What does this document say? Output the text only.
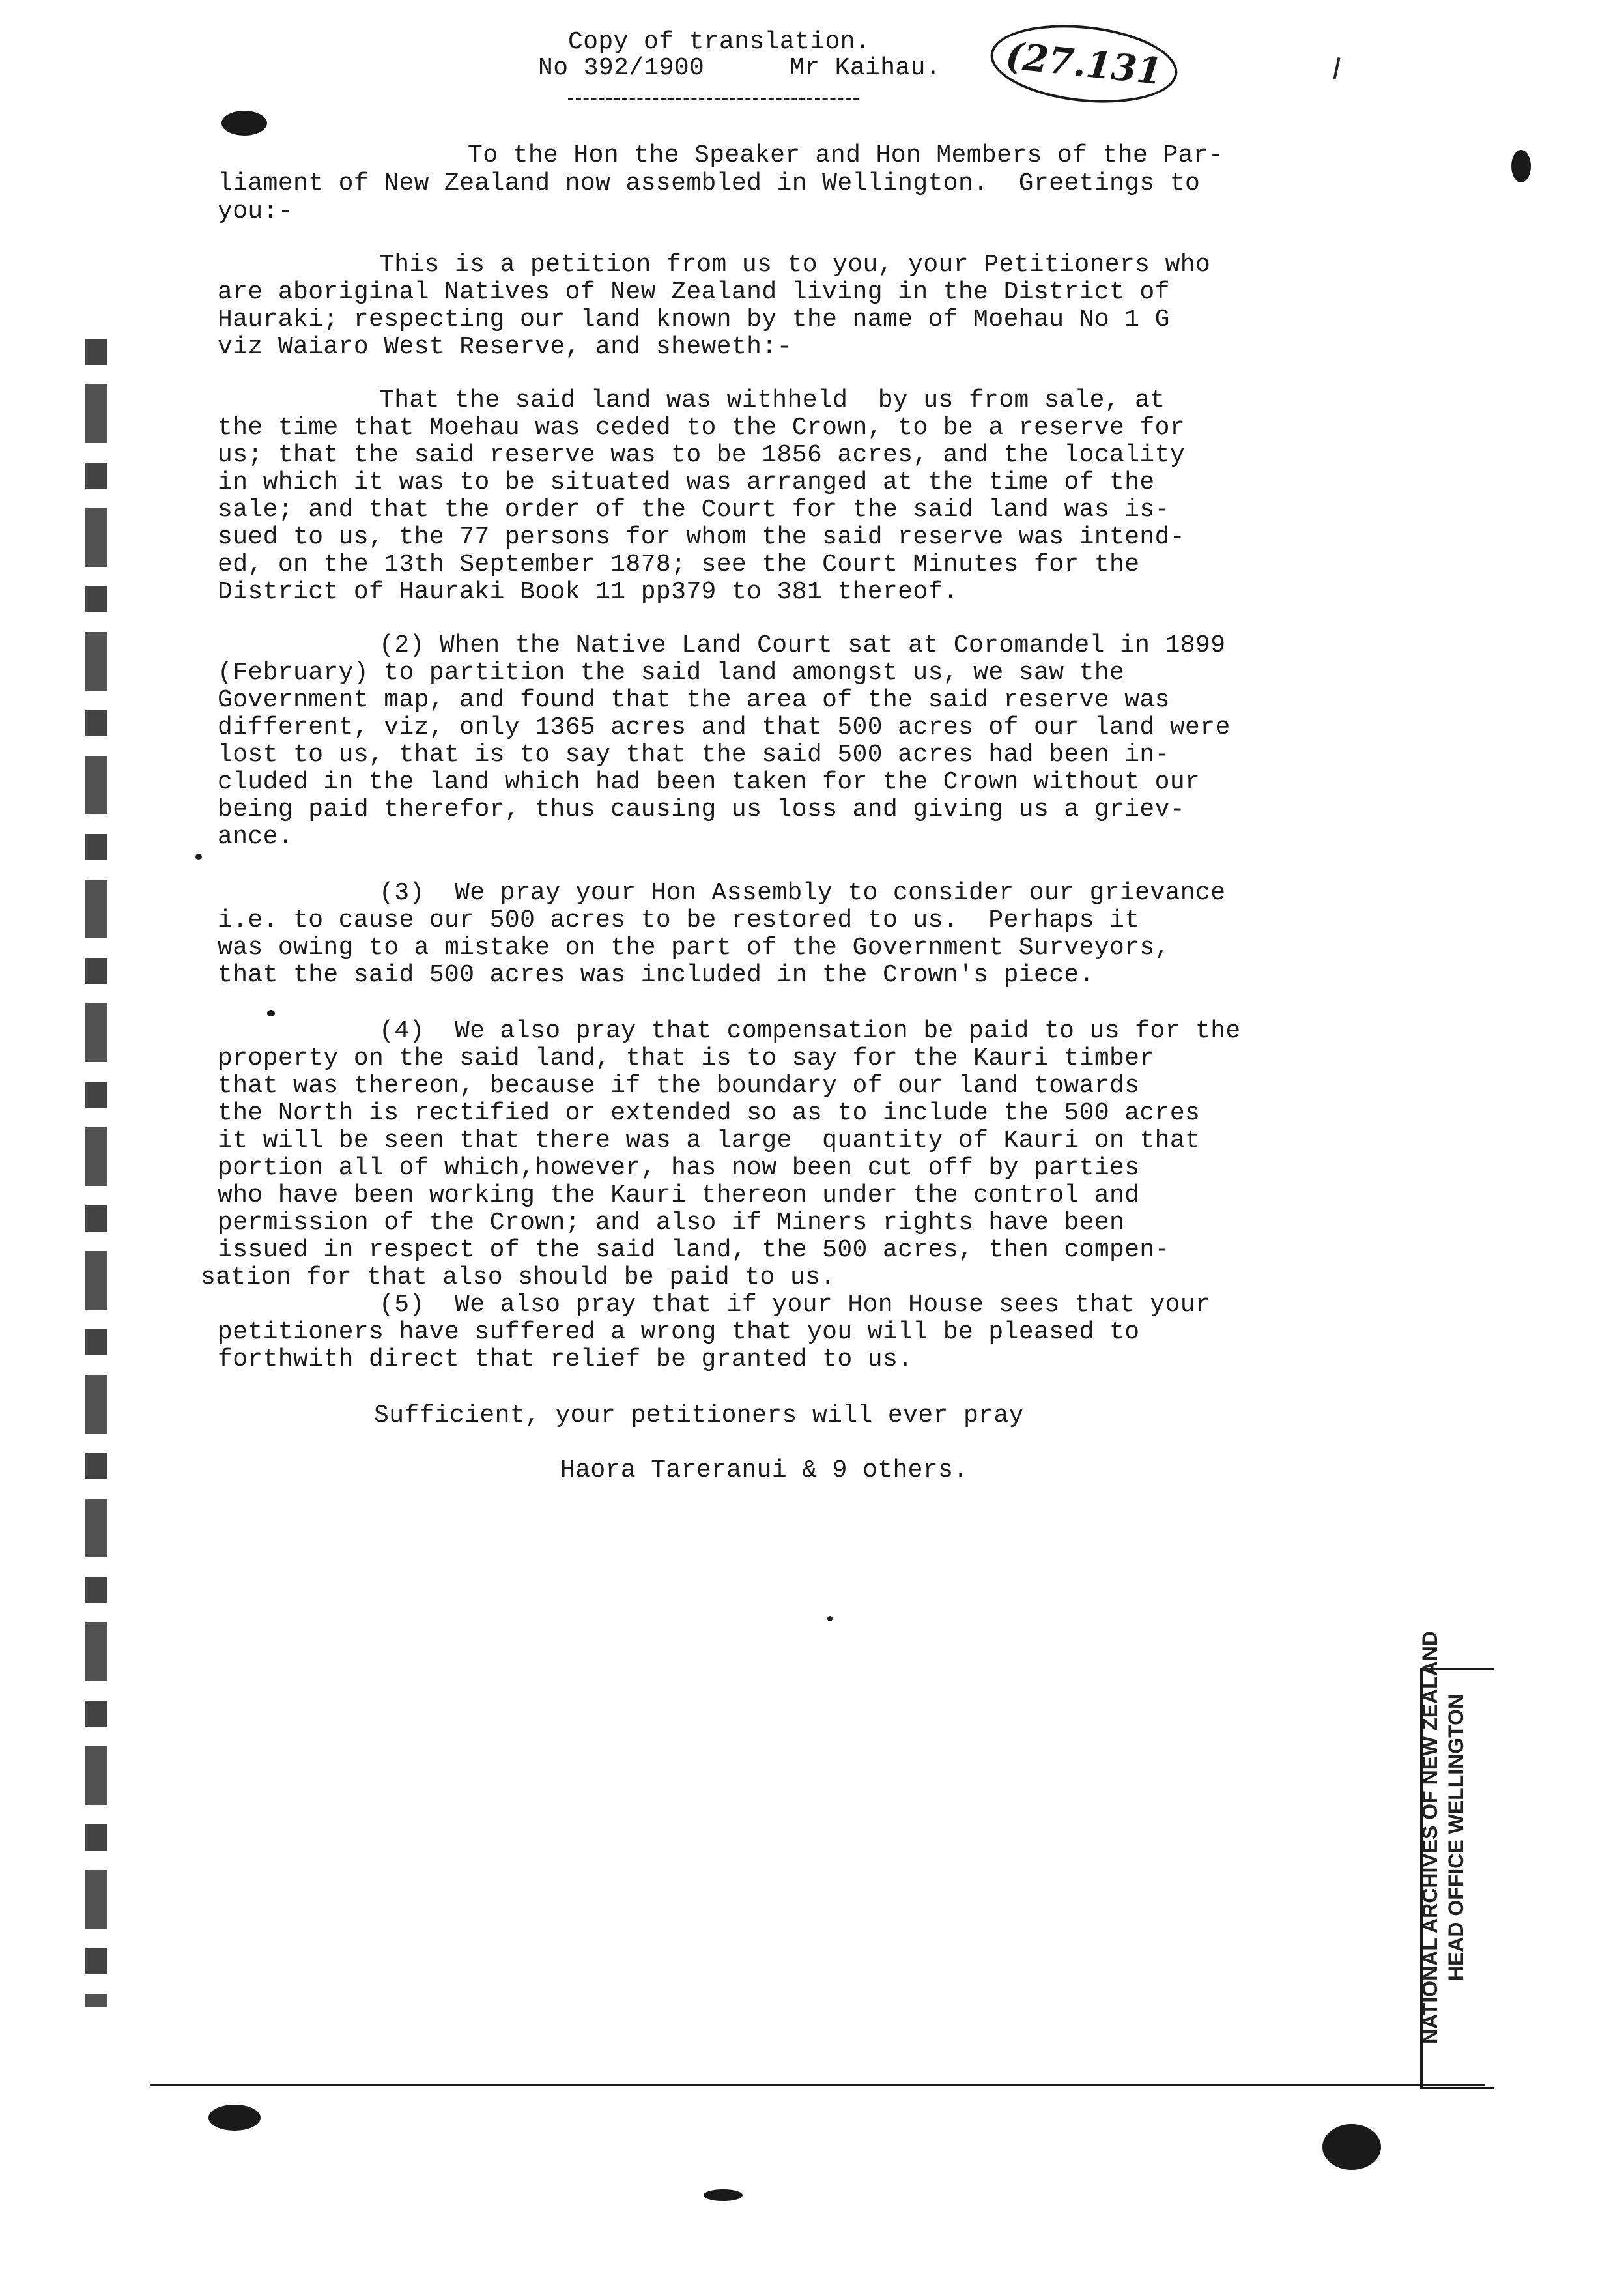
Copy of translation.
No 392/1900	Mr Kaihau.	(27.131
To the Hon the Speaker and Hon Members of the Par-
liament of New Zealand now assembled in Wellington.  Greetings to
you:-
This is a petition from us to you, your Petitioners who
are aboriginal Natives of New Zealand living in the District of
Hauraki; respecting our land known by the name of Moehau No 1 G
viz Waiaro West Reserve, and sheweth:-
That the said land was withheld  by us from sale, at
the time that Moehau was ceded to the Crown, to be a reserve for
us; that the said reserve was to be 1856 acres, and the locality
in which it was to be situated was arranged at the time of the
sale; and that the order of the Court for the said land was is-
sued to us, the 77 persons for whom the said reserve was intend-
ed, on the 13th September 1878; see the Court Minutes for the
District of Hauraki Book 11 pp379 to 381 thereof.
(2) When the Native Land Court sat at Coromandel in 1899
(February) to partition the said land amongst us, we saw the
Government map, and found that the area of the said reserve was
different, viz, only 1365 acres and that 500 acres of our land were
lost to us, that is to say that the said 500 acres had been in-
cluded in the land which had been taken for the Crown without our
being paid therefor, thus causing us loss and giving us a griev-
ance.
(3)  We pray your Hon Assembly to consider our grievance
i.e. to cause our 500 acres to be restored to us.  Perhaps it
was owing to a mistake on the part of the Government Surveyors,
that the said 500 acres was included in the Crown's piece.
(4)  We also pray that compensation be paid to us for the
property on the said land, that is to say for the Kauri timber
that was thereon, because if the boundary of our land towards
the North is rectified or extended so as to include the 500 acres
it will be seen that there was a large  quantity of Kauri on that
portion all of which,however, has now been cut off by parties
who have been working the Kauri thereon under the control and
permission of the Crown; and also if Miners rights have been
issued in respect of the said land, the 500 acres, then compen-
sation for that also should be paid to us.
(5)  We also pray that if your Hon House sees that your
petitioners have suffered a wrong that you will be pleased to
forthwith direct that relief be granted to us.
Sufficient, your petitioners will ever pray
Haora Tareranui & 9 others.
NATIONAL ARCHIVES OF NEW ZEALAND HEAD OFFICE WELLINGTON
